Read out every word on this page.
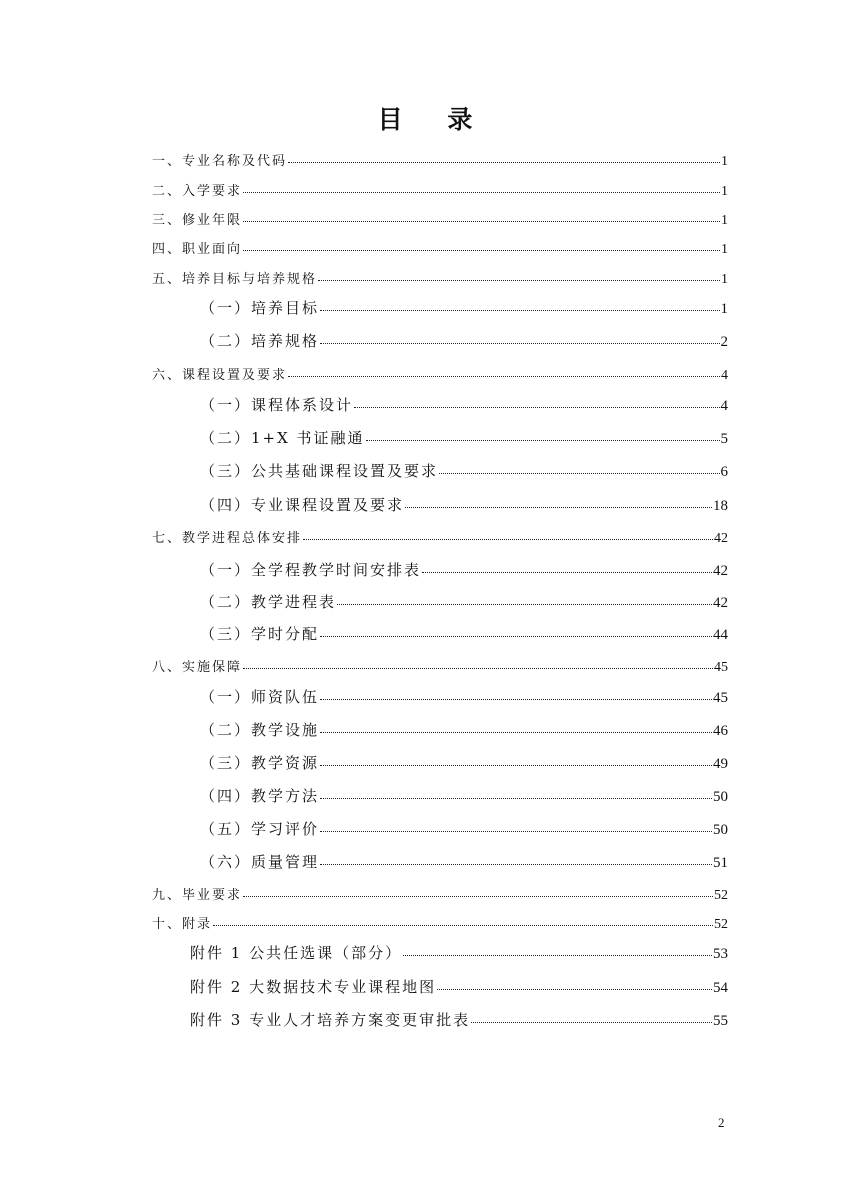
目 录
一、专业名称及代码	1
二、入学要求	1
三、修业年限	1
四、职业面向	1
五、培养目标与培养规格	1
（一）培养目标	1
（二）培养规格	2
六、课程设置及要求	4
（一）课程体系设计	4
（二）1+X 书证融通	5
（三）公共基础课程设置及要求	6
（四）专业课程设置及要求	18
七、教学进程总体安排	42
（一）全学程教学时间安排表	42
（二）教学进程表	42
（三）学时分配	44
八、实施保障	45
（一）师资队伍	45
（二）教学设施	46
（三）教学资源	49
（四）教学方法	50
（五）学习评价	50
（六）质量管理	51
九、毕业要求	52
十、附录	52
附件 1 公共任选课（部分）	53
附件 2 大数据技术专业课程地图	54
附件 3 专业人才培养方案变更审批表	55
2
